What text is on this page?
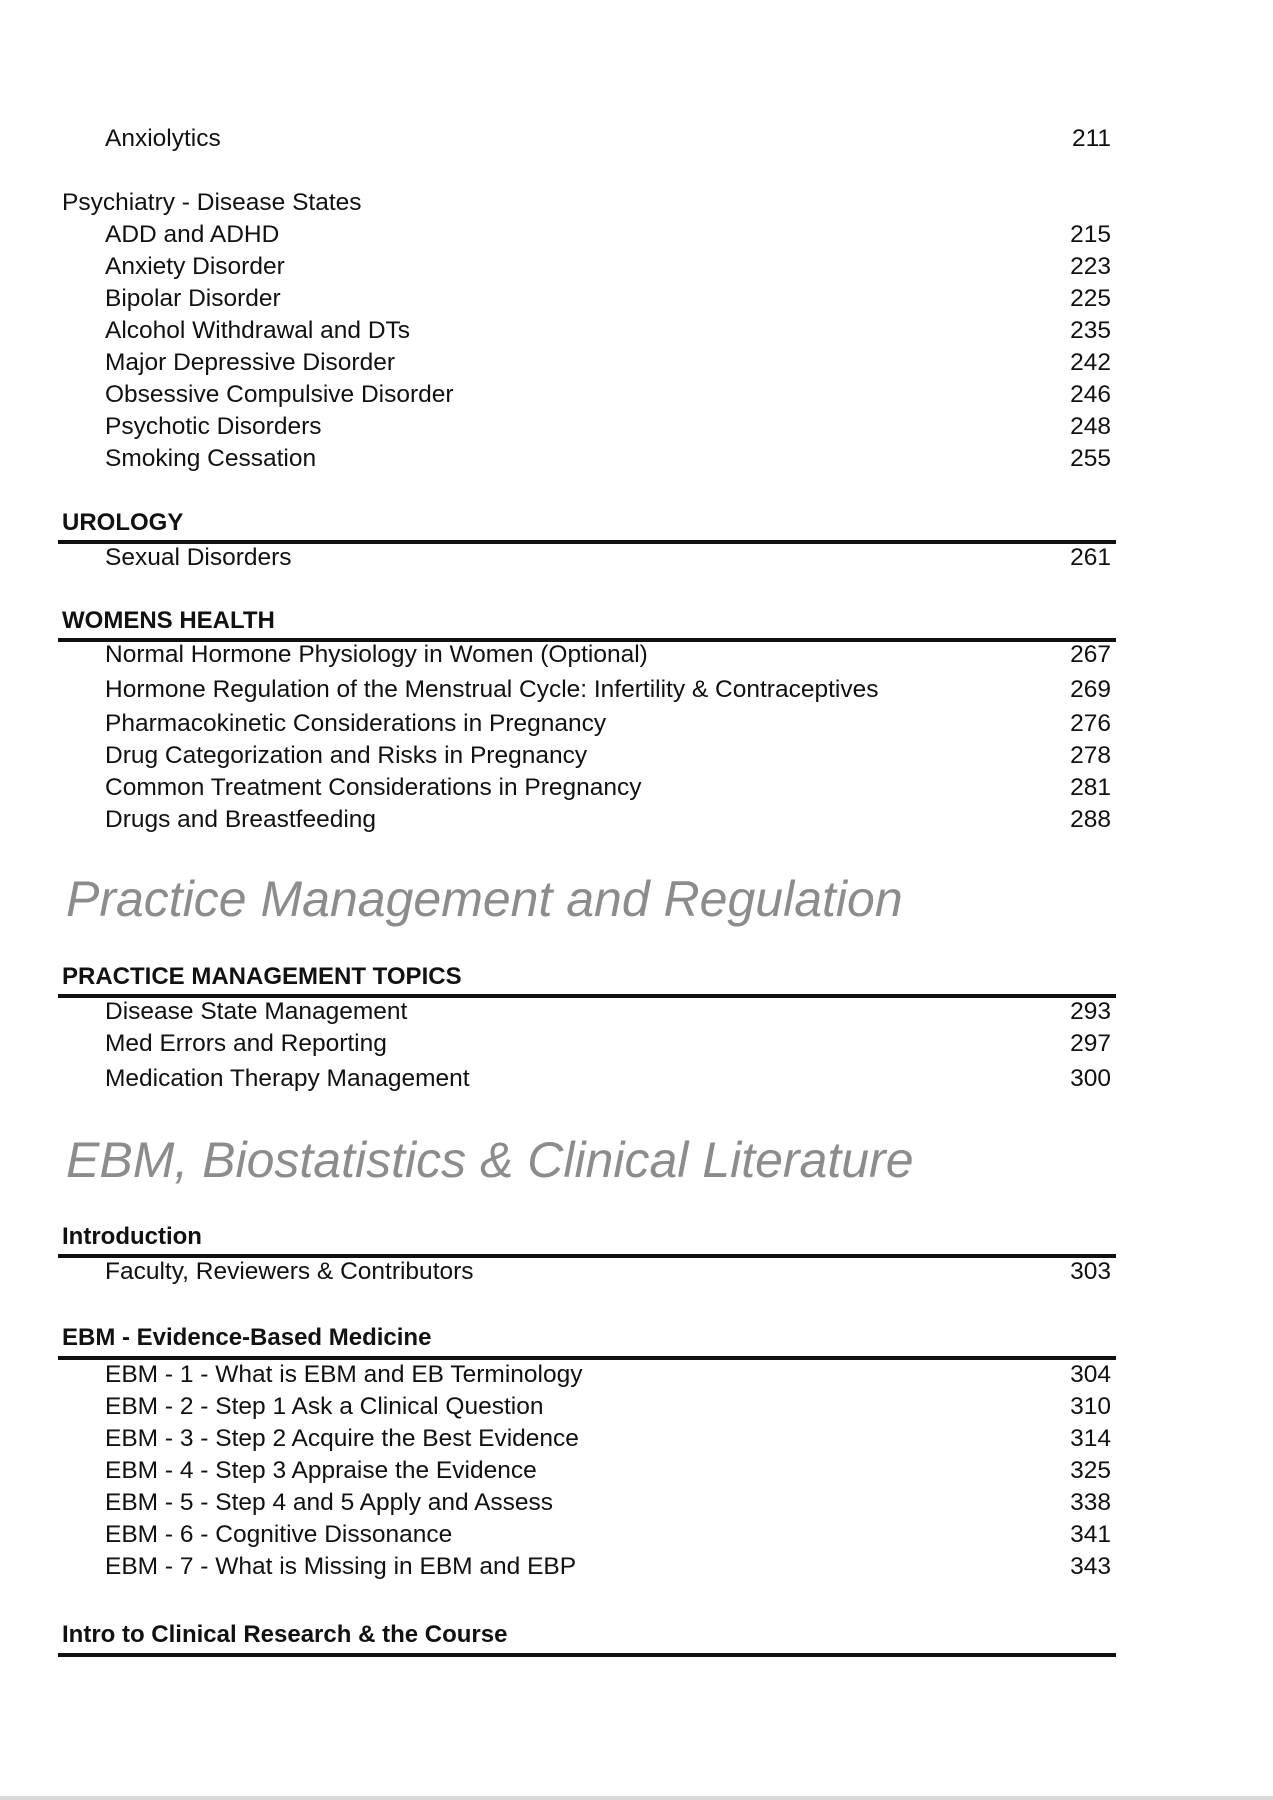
Anxiolytics	211
Psychiatry - Disease States
ADD and ADHD	215
Anxiety Disorder	223
Bipolar Disorder	225
Alcohol Withdrawal and DTs	235
Major Depressive Disorder	242
Obsessive Compulsive Disorder	246
Psychotic Disorders	248
Smoking Cessation	255
UROLOGY
Sexual Disorders	261
WOMENS HEALTH
Normal Hormone Physiology in Women (Optional)	267
Hormone Regulation of the Menstrual Cycle: Infertility & Contraceptives	269
Pharmacokinetic Considerations in Pregnancy	276
Drug Categorization and Risks in Pregnancy	278
Common Treatment Considerations in Pregnancy	281
Drugs and Breastfeeding	288
Practice Management and Regulation
PRACTICE MANAGEMENT TOPICS
Disease State Management	293
Med Errors and Reporting	297
Medication Therapy Management	300
EBM, Biostatistics & Clinical Literature
Introduction
Faculty, Reviewers & Contributors	303
EBM - Evidence-Based Medicine
EBM - 1 - What is EBM and EB Terminology	304
EBM - 2 - Step 1 Ask a Clinical Question	310
EBM - 3 - Step 2 Acquire the Best Evidence	314
EBM - 4 - Step 3 Appraise the Evidence	325
EBM - 5 - Step 4 and 5 Apply and Assess	338
EBM - 6 - Cognitive Dissonance	341
EBM - 7 - What is Missing in EBM and EBP	343
Intro to Clinical Research & the Course
